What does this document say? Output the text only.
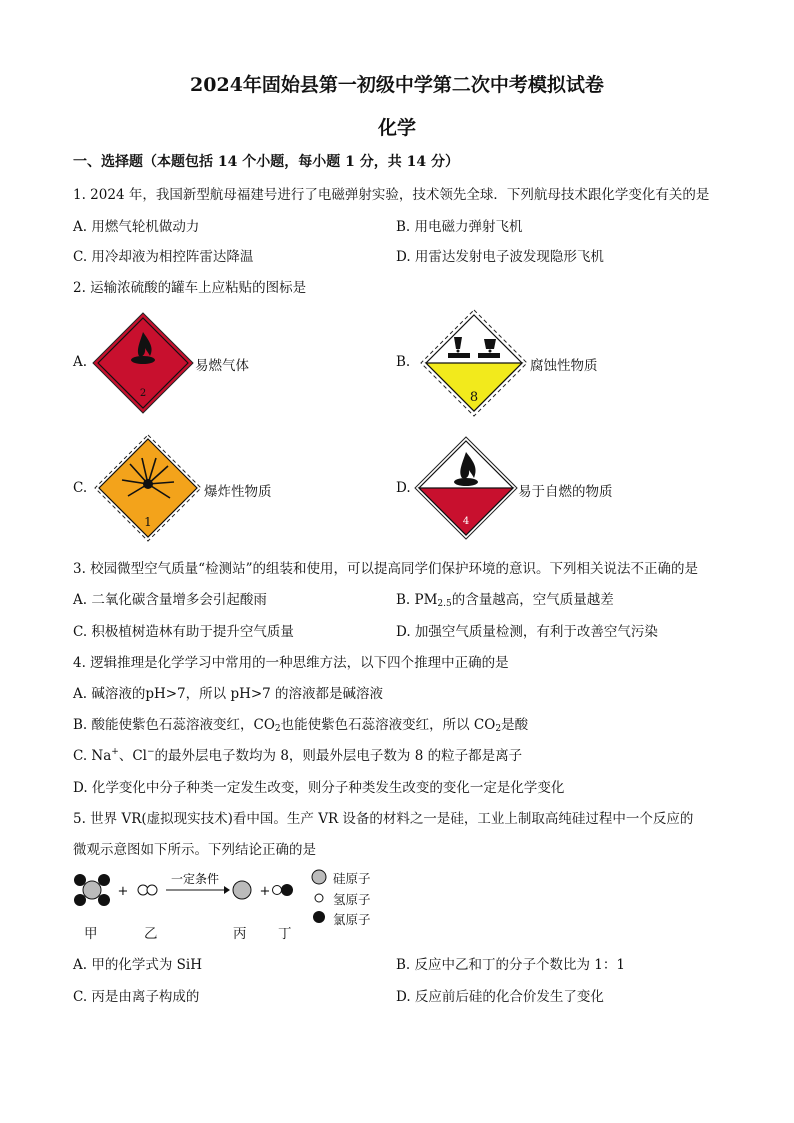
2024年固始县第一初级中学第二次中考模拟试卷
化学
一、选择题（本题包括 14 个小题，每小题 1 分，共 14 分）
1. 2024 年，我国新型航母福建号进行了电磁弹射实验，技术领先全球．下列航母技术跟化学变化有关的是
A. 用燃气轮机做动力	B. 用电磁力弹射飞机
C. 用冷却液为相控阵雷达降温	D. 用雷达发射电子波发现隐形飞机
2. 运输浓硫酸的罐车上应粘贴的图标是
A.
2
易燃气体	B.
8
腐蚀性物质
C.
1
爆炸性物质	D.
4
易于自燃的物质
3. 校园微型空气质量“检测站”的组装和使用，可以提高同学们保护环境的意识。下列相关说法不正确的是
A. 二氧化碳含量增多会引起酸雨	B. $PM_{2.5}$的含量越高，空气质量越差
C. 积极植树造林有助于提升空气质量	D. 加强空气质量检测，有利于改善空气污染
4. 逻辑推理是化学学习中常用的一种思维方法，以下四个推理中正确的是
A. 碱溶液的pH>7，所以 pH>7 的溶液都是碱溶液
B. 酸能使紫色石蕊溶液变红，$CO_2$也能使紫色石蕊溶液变红，所以 $CO_2$是酸
C. Na+、Cl−的最外层电子数均为 8，则最外层电子数为 8 的粒子都是离子
D. 化学变化中分子种类一定发生改变，则分子种类发生改变的变化一定是化学变化
5. 世界 VR(虚拟现实技术)看中国。生产 VR 设备的材料之一是硅，工业上制取高纯硅过程中一个反应的
微观示意图如下所示。下列结论正确的是
+
一定条件
+
硅原子
氢原子
氯原子
甲	乙	丙 丁
A. 甲的化学式为 SiH	B. 反应中乙和丁的分子个数比为 1：1
C. 丙是由离子构成的	D. 反应前后硅的化合价发生了变化
